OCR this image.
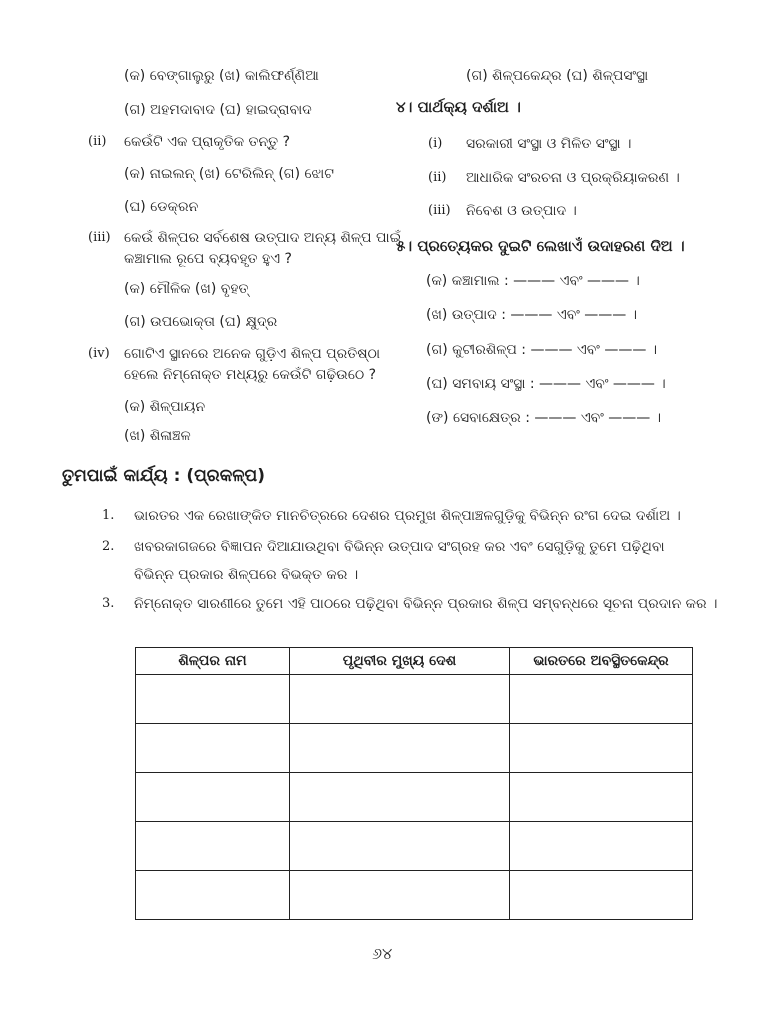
(କ) ବେଙ୍ଗାଲୁରୁ (ଖ) କାଲିଫର୍ଣ୍ଣିଆ
(ଗ) ଅହମଦାବାଦ (ଘ) ହାଇଦ୍ରାବାଦ
(ii) କେଉଁଟି ଏକ ପ୍ରାକୃତିକ ତନ୍ତୁ ?
(କ) ନାଇଲନ୍ (ଖ) ଟେରିଲିନ୍ (ଗ) ଝୋଟ
(ଘ) ଡେକ୍ରନ
(iii) କେଉଁ ଶିଳ୍ପର ସର୍ବଶେଷ ଉତ୍ପାଦ ଅନ୍ୟ ଶିଳ୍ପ ପାଇଁ
କଞ୍ଚାମାଲ ରୂପେ ବ୍ୟବହୃତ ହୁଏ ?
(କ) ମୌଳିକ (ଖ) ବୃହତ୍
(ଗ) ଉପଭୋକ୍ତା (ଘ) କ୍ଷୁଦ୍ର
(iv) ଗୋଟିଏ ସ୍ଥାନରେ ଅନେକ ଗୁଡ଼ିଏ ଶିଳ୍ପ ପ୍ରତିଷ୍ଠା
ହେଲେ ନିମ୍ନୋକ୍ତ ମଧ୍ୟରୁ କେଉଁଟି ଗଢ଼ିଉଠେ ?
(କ) ଶିଳ୍ପାୟନ
(ଖ) ଶିଳାଞ୍ଚଳ
(ଗ) ଶିଳ୍ପକେନ୍ଦ୍ର (ଘ) ଶିଳ୍ପସଂସ୍ଥା
୪। ପାର୍ଥକ୍ୟ ଦର୍ଶାଅ ।
(i) ସରକାରୀ ସଂସ୍ଥା ଓ ମିଳିତ ସଂସ୍ଥା ।
(ii) ଆଧାରିକ ସଂରଚନା ଓ ପ୍ରକ୍ରିୟାକରଣ ।
(iii) ନିବେଶ ଓ ଉତ୍ପାଦ ।
୫। ପ୍ରତ୍ୟେକର ଦୁଇଟି ଲେଖାଏଁ ଉଦାହରଣ ଦିଅ ।
(କ) କଞ୍ଚାମାଲ : ——— ଏବଂ ——— ।
(ଖ) ଉତ୍ପାଦ : ——— ଏବଂ ——— ।
(ଗ) କୁଟୀରଶିଳ୍ପ : ——— ଏବଂ ——— ।
(ଘ) ସମବାୟ ସଂସ୍ଥା : ——— ଏବଂ ——— ।
(ଙ) ସେବାକ୍ଷେତ୍ର : ——— ଏବଂ ——— ।
ତୁମପାଇଁ କାର୍ଯ୍ୟ : (ପ୍ରକଳ୍ପ)
1. ଭାରତର ଏକ ରେଖାଙ୍କିତ ମାନଚିତ୍ରରେ ଦେଶର ପ୍ରମୁଖ ଶିଳ୍ପାଞ୍ଚଳଗୁଡ଼ିକୁ ବିଭିନ୍ନ ରଂଗ ଦେଇ ଦର୍ଶାଅ ।
2. ଖବରକାଗଜରେ ବିଜ୍ଞାପନ ଦିଆଯାଉଥିବା ବିଭିନ୍ନ ଉତ୍ପାଦ ସଂଗ୍ରହ କର ଏବଂ ସେଗୁଡ଼ିକୁ ତୁମେ ପଢ଼ିଥିବା
ବିଭିନ୍ନ ପ୍ରକାର ଶିଳ୍ପରେ ବିଭକ୍ତ କର ।
3. ନିମ୍ନୋକ୍ତ ସାରଣୀରେ ତୁମେ ଏହି ପାଠରେ ପଢ଼ିଥିବା ବିଭିନ୍ନ ପ୍ରକାର ଶିଳ୍ପ ସମ୍ବନ୍ଧରେ ସୂଚନା ପ୍ରଦାନ କର ।
ଶିଳ୍ପର ନାମ	ପୃଥିବୀର ମୁଖ୍ୟ ଦେଶ	ଭାରତରେ ଅବସ୍ଥିତକେନ୍ଦ୍ର

୬୪
